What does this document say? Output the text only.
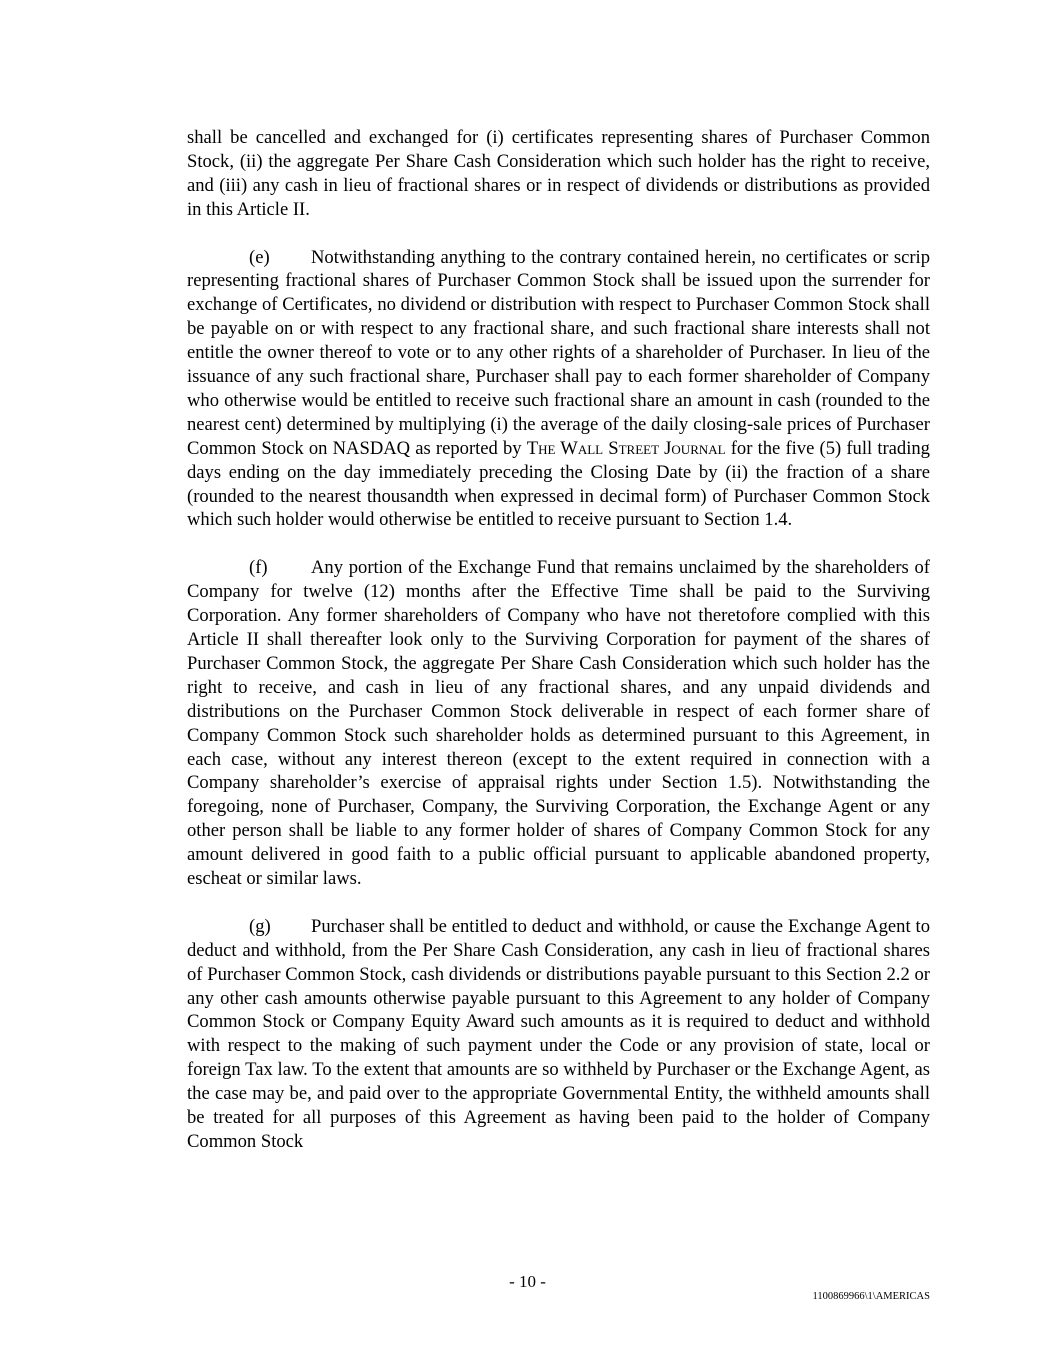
shall be cancelled and exchanged for (i) certificates representing shares of Purchaser Common Stock, (ii) the aggregate Per Share Cash Consideration which such holder has the right to receive, and (iii) any cash in lieu of fractional shares or in respect of dividends or distributions as provided in this Article II.

(e) Notwithstanding anything to the contrary contained herein, no certificates or scrip representing fractional shares of Purchaser Common Stock shall be issued upon the surrender for exchange of Certificates, no dividend or distribution with respect to Purchaser Common Stock shall be payable on or with respect to any fractional share, and such fractional share interests shall not entitle the owner thereof to vote or to any other rights of a shareholder of Purchaser. In lieu of the issuance of any such fractional share, Purchaser shall pay to each former shareholder of Company who otherwise would be entitled to receive such fractional share an amount in cash (rounded to the nearest cent) determined by multiplying (i) the average of the daily closing-sale prices of Purchaser Common Stock on NASDAQ as reported by The Wall Street Journal for the five (5) full trading days ending on the day immediately preceding the Closing Date by (ii) the fraction of a share (rounded to the nearest thousandth when expressed in decimal form) of Purchaser Common Stock which such holder would otherwise be entitled to receive pursuant to Section 1.4.

(f) Any portion of the Exchange Fund that remains unclaimed by the shareholders of Company for twelve (12) months after the Effective Time shall be paid to the Surviving Corporation. Any former shareholders of Company who have not theretofore complied with this Article II shall thereafter look only to the Surviving Corporation for payment of the shares of Purchaser Common Stock, the aggregate Per Share Cash Consideration which such holder has the right to receive, and cash in lieu of any fractional shares, and any unpaid dividends and distributions on the Purchaser Common Stock deliverable in respect of each former share of Company Common Stock such shareholder holds as determined pursuant to this Agreement, in each case, without any interest thereon (except to the extent required in connection with a Company shareholder’s exercise of appraisal rights under Section 1.5). Notwithstanding the foregoing, none of Purchaser, Company, the Surviving Corporation, the Exchange Agent or any other person shall be liable to any former holder of shares of Company Common Stock for any amount delivered in good faith to a public official pursuant to applicable abandoned property, escheat or similar laws.

(g) Purchaser shall be entitled to deduct and withhold, or cause the Exchange Agent to deduct and withhold, from the Per Share Cash Consideration, any cash in lieu of fractional shares of Purchaser Common Stock, cash dividends or distributions payable pursuant to this Section 2.2 or any other cash amounts otherwise payable pursuant to this Agreement to any holder of Company Common Stock or Company Equity Award such amounts as it is required to deduct and withhold with respect to the making of such payment under the Code or any provision of state, local or foreign Tax law. To the extent that amounts are so withheld by Purchaser or the Exchange Agent, as the case may be, and paid over to the appropriate Governmental Entity, the withheld amounts shall be treated for all purposes of this Agreement as having been paid to the holder of Company Common Stock

- 10 -
1100869966\1\AMERICAS
